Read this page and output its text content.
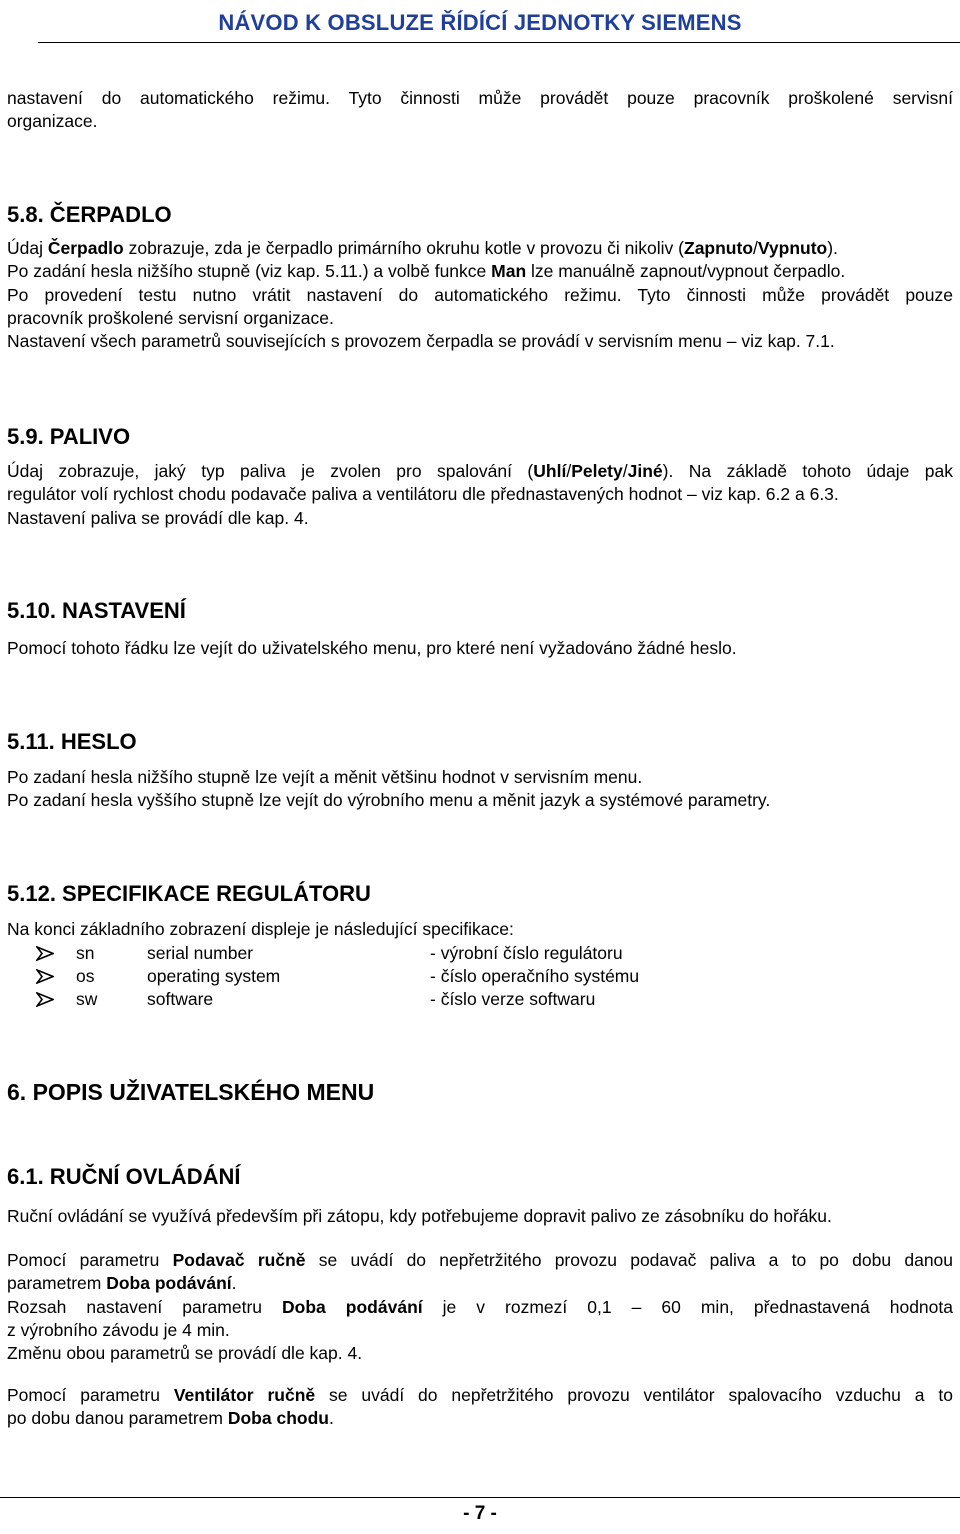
NÁVOD K OBSLUZE ŘÍDÍCÍ JEDNOTKY SIEMENS
nastavení do automatického režimu. Tyto činnosti může provádět pouze pracovník proškolené servisní
organizace.
5.8. ČERPADLO
Údaj Čerpadlo zobrazuje, zda je čerpadlo primárního okruhu kotle v provozu či nikoliv (Zapnuto/Vypnuto).
Po zadání hesla nižšího stupně (viz kap. 5.11.) a volbě funkce Man lze manuálně zapnout/vypnout čerpadlo.
Po provedení testu nutno vrátit nastavení do automatického režimu. Tyto činnosti může provádět pouze
pracovník proškolené servisní organizace.
Nastavení všech parametrů souvisejících s provozem čerpadla se provádí v servisním menu – viz kap. 7.1.
5.9. PALIVO
Údaj zobrazuje, jaký typ paliva je zvolen pro spalování (Uhlí/Pelety/Jiné). Na základě tohoto údaje pak
regulátor volí rychlost chodu podavače paliva a ventilátoru dle přednastavených hodnot – viz kap. 6.2 a 6.3.
Nastavení paliva se provádí dle kap. 4.
5.10. NASTAVENÍ
Pomocí tohoto řádku lze vejít do uživatelského menu, pro které není vyžadováno žádné heslo.
5.11. HESLO
Po zadaní hesla nižšího stupně lze vejít a měnit většinu hodnot v servisním menu.
Po zadaní hesla vyššího stupně lze vejít do výrobního menu a měnit jazyk a systémové parametry.
5.12. SPECIFIKACE REGULÁTORU
Na konci základního zobrazení displeje je následující specifikace:
sn	serial number	- výrobní číslo regulátoru
os	operating system	- číslo operačního systému
sw	software	- číslo verze softwaru
6. POPIS UŽIVATELSKÉHO MENU
6.1. RUČNÍ OVLÁDÁNÍ
Ruční ovládání se využívá především při zátopu, kdy potřebujeme dopravit palivo ze zásobníku do hořáku.
Pomocí parametru Podavač ručně se uvádí do nepřetržitého provozu podavač paliva a to po dobu danou
parametrem Doba podávání.
Rozsah nastavení parametru Doba podávání je v rozmezí 0,1 – 60 min, přednastavená hodnota
z výrobního závodu je 4 min.
Změnu obou parametrů se provádí dle kap. 4.
Pomocí parametru Ventilátor ručně se uvádí do nepřetržitého provozu ventilátor spalovacího vzduchu a to
po dobu danou parametrem Doba chodu.
- 7 -
